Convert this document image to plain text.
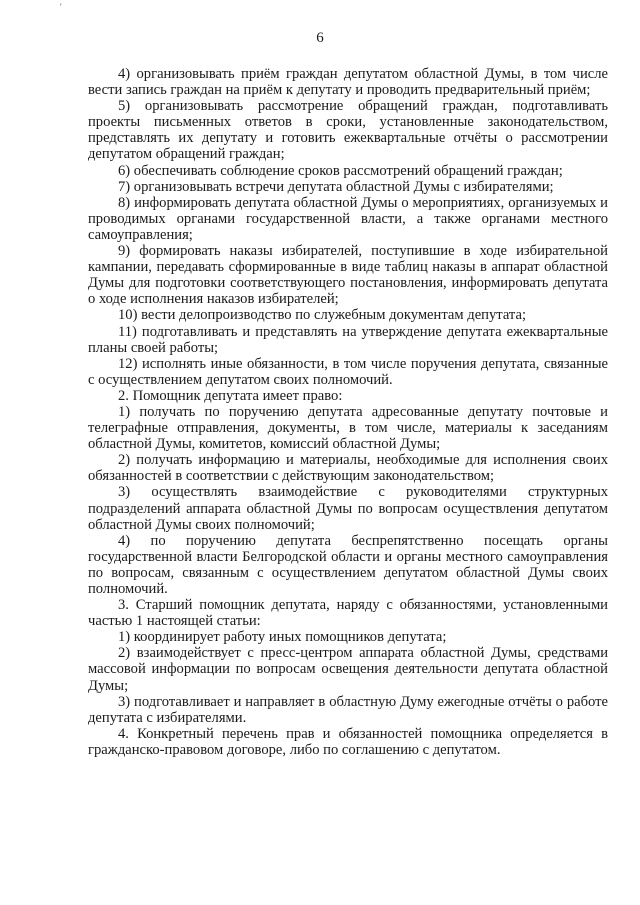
'
6

4) организовывать приём граждан депутатом областной Думы, в том числе вести запись граждан на приём к депутату и проводить предварительный приём;

5) организовывать рассмотрение обращений граждан, подготавливать проекты письменных ответов в сроки, установленные законодательством, представлять их депутату и готовить ежеквартальные отчёты о рассмотрении депутатом обращений граждан;

6) обеспечивать соблюдение сроков рассмотрений обращений граждан;

7) организовывать встречи депутата областной Думы с избирателями;

8) информировать депутата областной Думы о мероприятиях, организуемых и проводимых органами государственной власти, а также органами местного самоуправления;

9) формировать наказы избирателей, поступившие в ходе избирательной кампании, передавать сформированные в виде таблиц наказы в аппарат областной Думы для подготовки соответствующего постановления, информировать депутата о ходе исполнения наказов избирателей;

10) вести делопроизводство по служебным документам депутата;

11) подготавливать и представлять на утверждение депутата ежеквартальные планы своей работы;

12) исполнять иные обязанности, в том числе поручения депутата, связанные с осуществлением депутатом своих полномочий.

2. Помощник депутата имеет право:

1) получать по поручению депутата адресованные депутату почтовые и телеграфные отправления, документы, в том числе, материалы к заседаниям областной Думы, комитетов, комиссий областной Думы;

2) получать информацию и материалы, необходимые для исполнения своих обязанностей в соответствии с действующим законодательством;

3) осуществлять взаимодействие с руководителями структурных подразделений аппарата областной Думы по вопросам осуществления депутатом областной Думы своих полномочий;

4) по поручению депутата беспрепятственно посещать органы государственной власти Белгородской области и органы местного самоуправления по вопросам, связанным с осуществлением депутатом областной Думы своих полномочий.

3. Старший помощник депутата, наряду с обязанностями, установленными частью 1 настоящей статьи:

1) координирует работу иных помощников депутата;

2) взаимодействует с пресс-центром аппарата областной Думы, средствами массовой информации по вопросам освещения деятельности депутата областной Думы;

3) подготавливает и направляет в областную Думу ежегодные отчёты о работе депутата с избирателями.

4. Конкретный перечень прав и обязанностей помощника определяется в гражданско-правовом договоре, либо по соглашению с депутатом.
